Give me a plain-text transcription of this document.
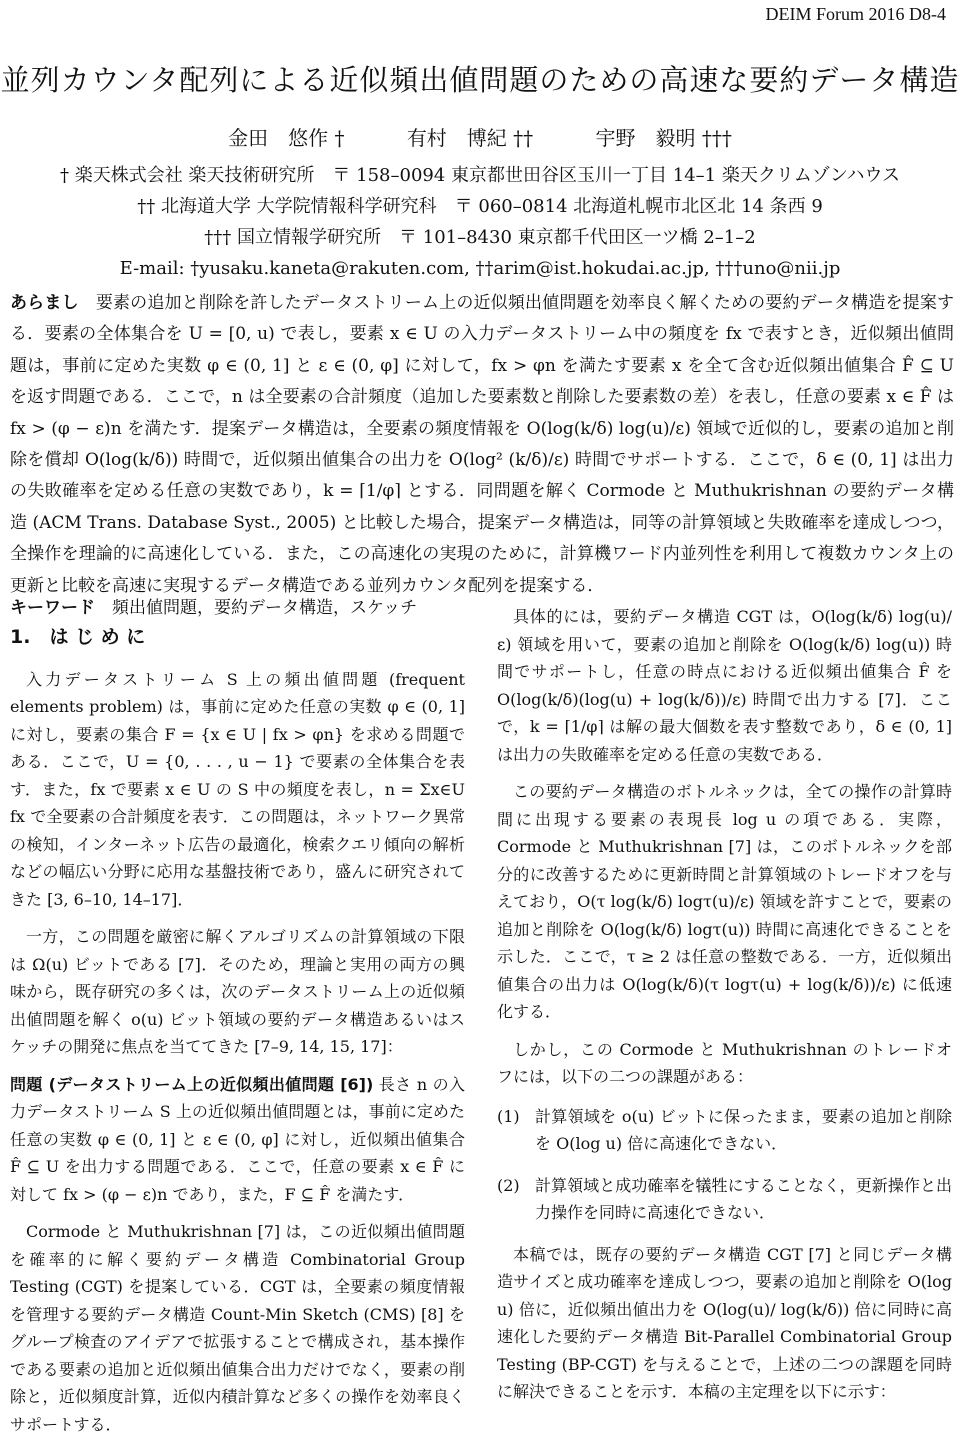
DEIM Forum 2016 D8-4
並列カウンタ配列による近似頻出値問題のための高速な要約データ構造
金田　悠作 †	有村　博紀 ††	宇野　毅明 †††
† 楽天株式会社 楽天技術研究所　〒 158–0094 東京都世田谷区玉川一丁目 14–1 楽天クリムゾンハウス
†† 北海道大学 大学院情報科学研究科　〒 060–0814 北海道札幌市北区北 14 条西 9
††† 国立情報学研究所　〒 101–8430 東京都千代田区一ツ橋 2–1–2
E-mail: †yusaku.kaneta@rakuten.com, ††arim@ist.hokudai.ac.jp, †††uno@nii.jp
あらまし　 要素の追加と削除を許したデータストリーム上の近似頻出値問題を効率良く解くための要約データ構造を提案する．要素の全体集合を U = [0, u) で表し，要素 x ∈ U の入力データストリーム中の頻度を fx で表すとき，近似頻出値問題は，事前に定めた実数 φ ∈ (0, 1] と ε ∈ (0, φ] に対して，fx > φn を満たす要素 x を全て含む近似頻出値集合 F̂ ⊆ U を返す問題である．ここで，n は全要素の合計頻度（追加した要素数と削除した要素数の差）を表し，任意の要素 x ∈ F̂ は fx > (φ − ε)n を満たす．提案データ構造は，全要素の頻度情報を O(log(k/δ) log(u)/ε) 領域で近似的し，要素の追加と削除を償却 O(log(k/δ)) 時間で，近似頻出値集合の出力を O(log² (k/δ)/ε) 時間でサポートする．ここで，δ ∈ (0, 1] は出力の失敗確率を定める任意の実数であり，k = ⌈1/φ⌉ とする．同問題を解く Cormode と Muthukrishnan の要約データ構造 (ACM Trans. Database Syst., 2005) と比較した場合，提案データ構造は，同等の計算領域と失敗確率を達成しつつ，全操作を理論的に高速化している．また，この高速化の実現のために，計算機ワード内並列性を利用して複数カウンタ上の更新と比較を高速に実現するデータ構造である並列カウンタ配列を提案する．
キーワード　 頻出値問題，要約データ構造，スケッチ
1.　は じ め に

入力データストリーム S 上の頻出値問題 (frequent elements problem) は，事前に定めた任意の実数 φ ∈ (0, 1] に対し，要素の集合 F = {x ∈ U | fx > φn} を求める問題である．ここで，U = {0, . . . , u − 1} で要素の全体集合を表す．また，fx で要素 x ∈ U の S 中の頻度を表し，n = Σx∈U fx で全要素の合計頻度を表す．この問題は，ネットワーク異常の検知，インターネット広告の最適化，検索クエリ傾向の解析などの幅広い分野に応用な基盤技術であり，盛んに研究されてきた [3, 6–10, 14–17]．

一方，この問題を厳密に解くアルゴリズムの計算領域の下限は Ω(u) ビットである [7]．そのため，理論と実用の両方の興味から，既存研究の多くは，次のデータストリーム上の近似頻出値問題を解く o(u) ビット領域の要約データ構造あるいはスケッチの開発に焦点を当ててきた [7–9, 14, 15, 17]：

問題 (データストリーム上の近似頻出値問題 [6]) 長さ n の入力データストリーム S 上の近似頻出値問題とは，事前に定めた任意の実数 φ ∈ (0, 1] と ε ∈ (0, φ] に対し，近似頻出値集合 F̂ ⊆ U を出力する問題である．ここで，任意の要素 x ∈ F̂ に対して fx > (φ − ε)n であり，また，F ⊆ F̂ を満たす．

Cormode と Muthukrishnan [7] は，この近似頻出値問題を確率的に解く要約データ構造 Combinatorial Group Testing (CGT) を提案している．CGT は，全要素の頻度情報を管理する要約データ構造 Count-Min Sketch (CMS) [8] をグループ検査のアイデアで拡張することで構成され，基本操作である要素の追加と近似頻出値集合出力だけでなく，要素の削除と，近似頻度計算，近似内積計算など多くの操作を効率良くサポートする．

具体的には，要約データ構造 CGT は，O(log(k/δ) log(u)/ε) 領域を用いて，要素の追加と削除を O(log(k/δ) log(u)) 時間でサポートし，任意の時点における近似頻出値集合 F̂ を O(log(k/δ)(log(u) + log(k/δ))/ε) 時間で出力する [7]．ここで，k = ⌈1/φ⌉ は解の最大個数を表す整数であり，δ ∈ (0, 1] は出力の失敗確率を定める任意の実数である．

この要約データ構造のボトルネックは，全ての操作の計算時間に出現する要素の表現長 log u の項である．実際，Cormode と Muthukrishnan [7] は，このボトルネックを部分的に改善するために更新時間と計算領域のトレードオフを与えており，O(τ log(k/δ) logτ(u)/ε) 領域を許すことで，要素の追加と削除を O(log(k/δ) logτ(u)) 時間に高速化できることを示した．ここで，τ ≥ 2 は任意の整数である．一方，近似頻出値集合の出力は O(log(k/δ)(τ logτ(u) + log(k/δ))/ε) に低速化する．

しかし，この Cormode と Muthukrishnan のトレードオフには，以下の二つの課題がある：

(1) 計算領域を o(u) ビットに保ったまま，要素の追加と削除を O(log u) 倍に高速化できない．
(2) 計算領域と成功確率を犠牲にすることなく，更新操作と出力操作を同時に高速化できない．

本稿では，既存の要約データ構造 CGT [7] と同じデータ構造サイズと成功確率を達成しつつ，要素の追加と削除を O(log u) 倍に，近似頻出値出力を O(log(u)/ log(k/δ)) 倍に同時に高速化した要約データ構造 Bit-Parallel Combinatorial Group Testing (BP-CGT) を与えることで，上述の二つの課題を同時に解決できることを示す．本稿の主定理を以下に示す：
